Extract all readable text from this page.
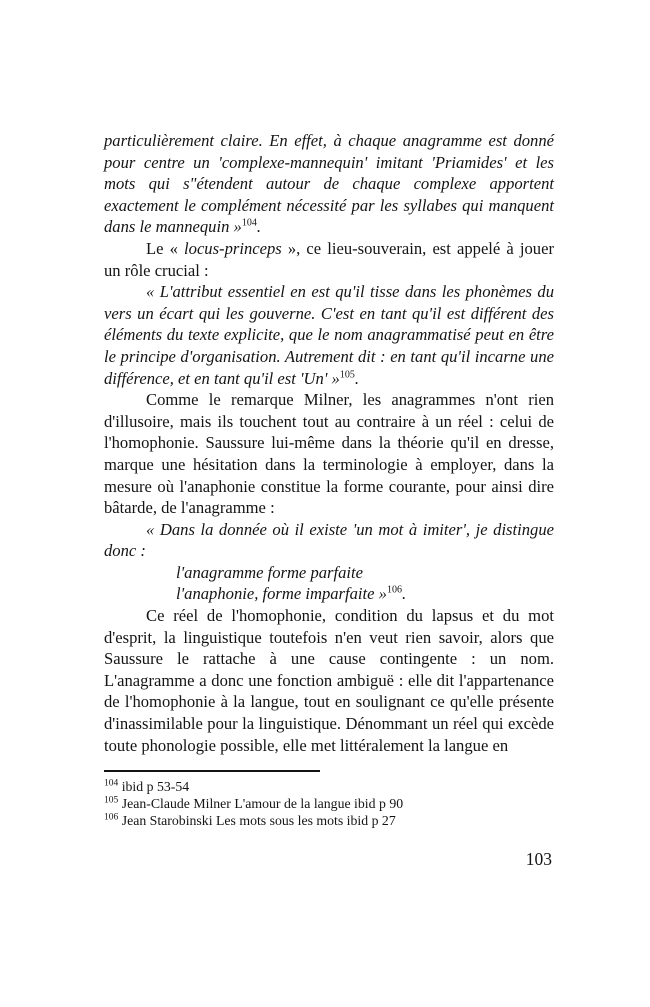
particulièrement claire. En effet, à chaque anagramme est donné pour centre un 'complexe-mannequin' imitant 'Priamides' et les mots qui s"étendent autour de chaque complexe apportent exactement le complément nécessité par les syllabes qui manquent dans le mannequin »$^{104}$.

Le « locus-princeps », ce lieu-souverain, est appelé à jouer un rôle crucial :

« L'attribut essentiel en est qu'il tisse dans les phonèmes du vers un écart qui les gouverne. C'est en tant qu'il est différent des éléments du texte explicite, que le nom anagrammatisé peut en être le principe d'organisation. Autrement dit : en tant qu'il incarne une différence, et en tant qu'il est 'Un' »$^{105}$.

Comme le remarque Milner, les anagrammes n'ont rien d'illusoire, mais ils touchent tout au contraire à un réel : celui de l'homophonie. Saussure lui-même dans la théorie qu'il en dresse, marque une hésitation dans la terminologie à employer, dans la mesure où l'anaphonie constitue la forme courante, pour ainsi dire bâtarde, de l'anagramme :

« Dans la donnée où il existe 'un mot à imiter', je distingue donc :

l'anagramme forme parfaite

l'anaphonie, forme imparfaite »$^{106}$.

Ce réel de l'homophonie, condition du lapsus et du mot d'esprit, la linguistique toutefois n'en veut rien savoir, alors que Saussure le rattache à une cause contingente : un nom. L'anagramme a donc une fonction ambiguë : elle dit l'appartenance de l'homophonie à la langue, tout en soulignant ce qu'elle présente d'inassimilable pour la linguistique. Dénommant un réel qui excède toute phonologie possible, elle met littéralement la langue en

$^{104}$ ibid p 53-54
$^{105}$ Jean-Claude Milner L'amour de la langue ibid p 90
$^{106}$ Jean Starobinski Les mots sous les mots ibid p 27
103
